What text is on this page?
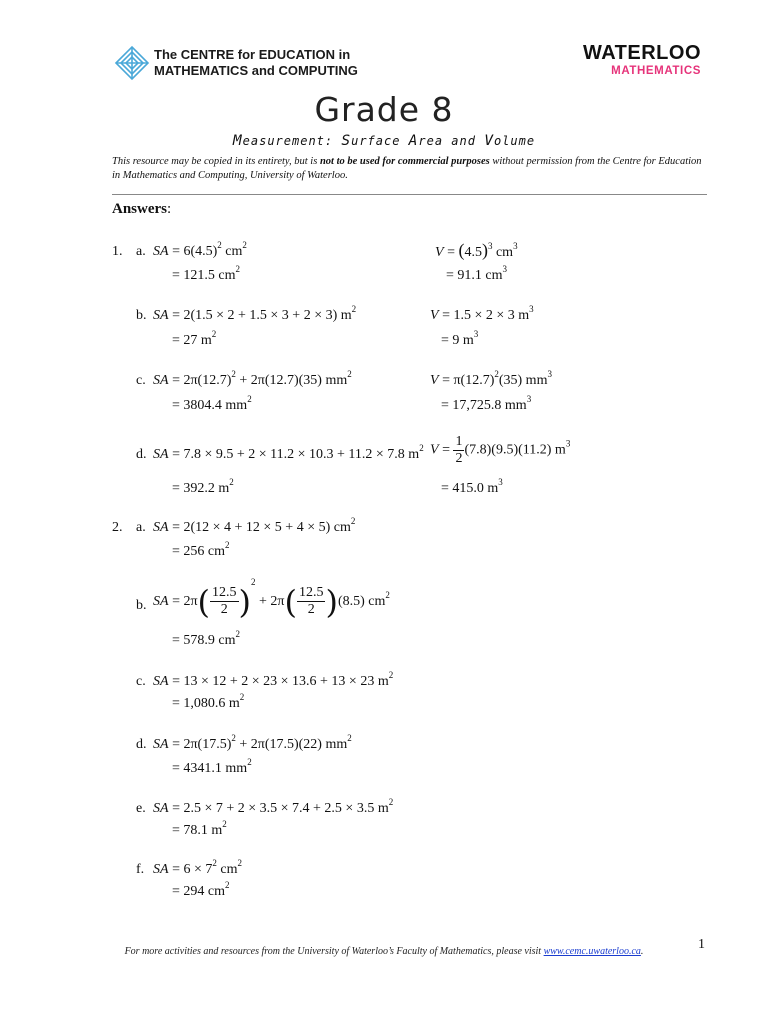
The CENTRE for EDUCATION in
MATHEMATICS and COMPUTING
WATERLOO
MATHEMATICS
Grade 8
Measurement: Surface Area and Volume
This resource may be copied in its entirety, but is not to be used for commercial purposes without permission from the Centre for Education in Mathematics and Computing, University of Waterloo.
Answers:
1. a. SA = $6(4.5)^2$ $cm^2$
= 121.5 $cm^2$
$V = (4.5)^3$ $cm^3$
= 91.1 $cm^3$
b. SA = 2(1.5 × 2 + 1.5 × 3 + 2 × 3) $m^2$
= 27 $m^2$
V = 1.5 × 2 × 3 $m^3$
= 9 $m^3$
c. SA = $2\pi(12.7)^2 + 2\pi(12.7)(35)$ $mm^2$
= 3804.4 $mm^2$
$V = \pi(12.7)^2(35)$ $mm^3$
= 17,725.8 $mm^3$
d. SA = 7.8 × 9.5 + 2 × 11.2 × 10.3 + 11.2 × 7.8 $m^2$
= 392.2 $m^2$
$V = \frac{1}{2} (7.8)(9.5)(11.2)$ $m^3$
= 415.0 $m^3$
2. a. SA = 2(12 × 4 + 12 × 5 + 4 × 5) $cm^2$
= 256 $cm^2$
b. SA = $2\pi( \frac{12.5}{2} )^2 + 2\pi( \frac{12.5}{2} )(8.5)$ $cm^2$
= 578.9 $cm^2$
c. SA = 13 × 12 + 2 × 23 × 13.6 + 13 × 23 $m^2$
= 1,080.6 $m^2$
d. SA = $2\pi(17.5)^2 + 2\pi(17.5)(22)$ $mm^2$
= 4341.1 $mm^2$
e. SA = 2.5 × 7 + 2 × 3.5 × 7.4 + 2.5 × 3.5 $m^2$
= 78.1 $m^2$
f. SA = $6 \times 7^2$ $cm^2$
= 294 $cm^2$
1
For more activities and resources from the University of Waterloo’s Faculty of Mathematics, please visit www.cemc.uwaterloo.ca.
